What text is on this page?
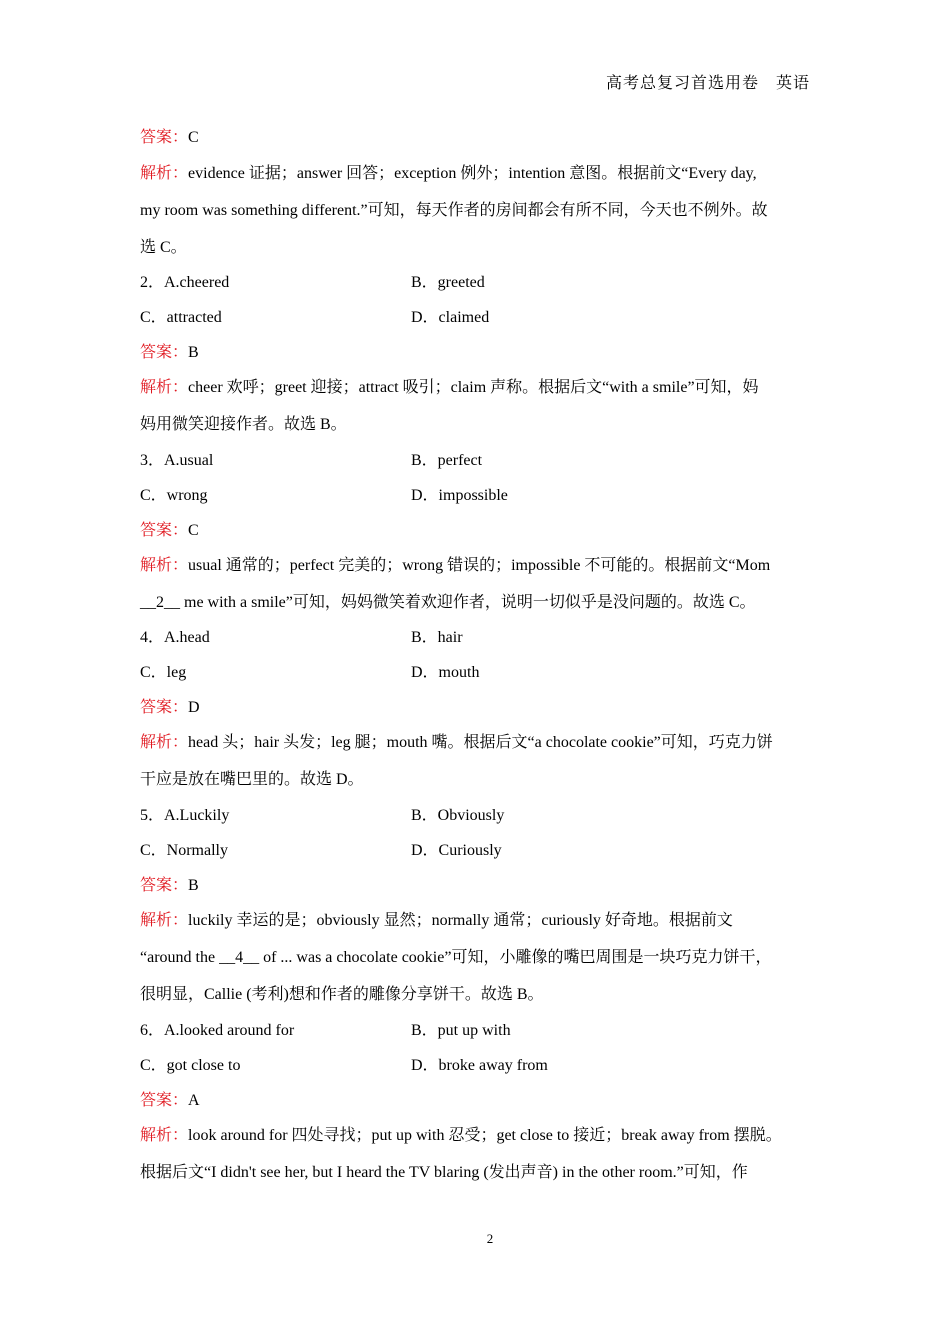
高考总复习首选用卷　英语
答案：C
解析：evidence 证据；answer 回答；exception 例外；intention 意图。根据前文“Every day,
my room was something different.”可知，每天作者的房间都会有所不同，今天也不例外。故
选 C。
2．A.cheered	B．greeted
C．attracted	D．claimed
答案：B
解析：cheer 欢呼；greet 迎接；attract 吸引；claim 声称。根据后文“with a smile”可知，妈
妈用微笑迎接作者。故选 B。
3．A.usual	B．perfect
C．wrong	D．impossible
答案：C
解析：usual 通常的；perfect 完美的；wrong 错误的；impossible 不可能的。根据前文“Mom
__2__ me with a smile”可知，妈妈微笑着欢迎作者，说明一切似乎是没问题的。故选 C。
4．A.head	B．hair
C．leg	D．mouth
答案：D
解析：head 头；hair 头发；leg 腿；mouth 嘴。根据后文“a chocolate cookie”可知，巧克力饼
干应是放在嘴巴里的。故选 D。
5．A.Luckily	B．Obviously
C．Normally	D．Curiously
答案：B
解析：luckily 幸运的是；obviously 显然；normally 通常；curiously 好奇地。根据前文
“around the __4__ of ... was a chocolate cookie”可知，小雕像的嘴巴周围是一块巧克力饼干，
很明显，Callie (考利)想和作者的雕像分享饼干。故选 B。
6．A.looked around for	B．put up with
C．got close to	D．broke away from
答案：A
解析：look around for 四处寻找；put up with 忍受；get close to 接近；break away from 摆脱。
根据后文“I didn't see her, but I heard the TV blaring (发出声音) in the other room.”可知，作
2
